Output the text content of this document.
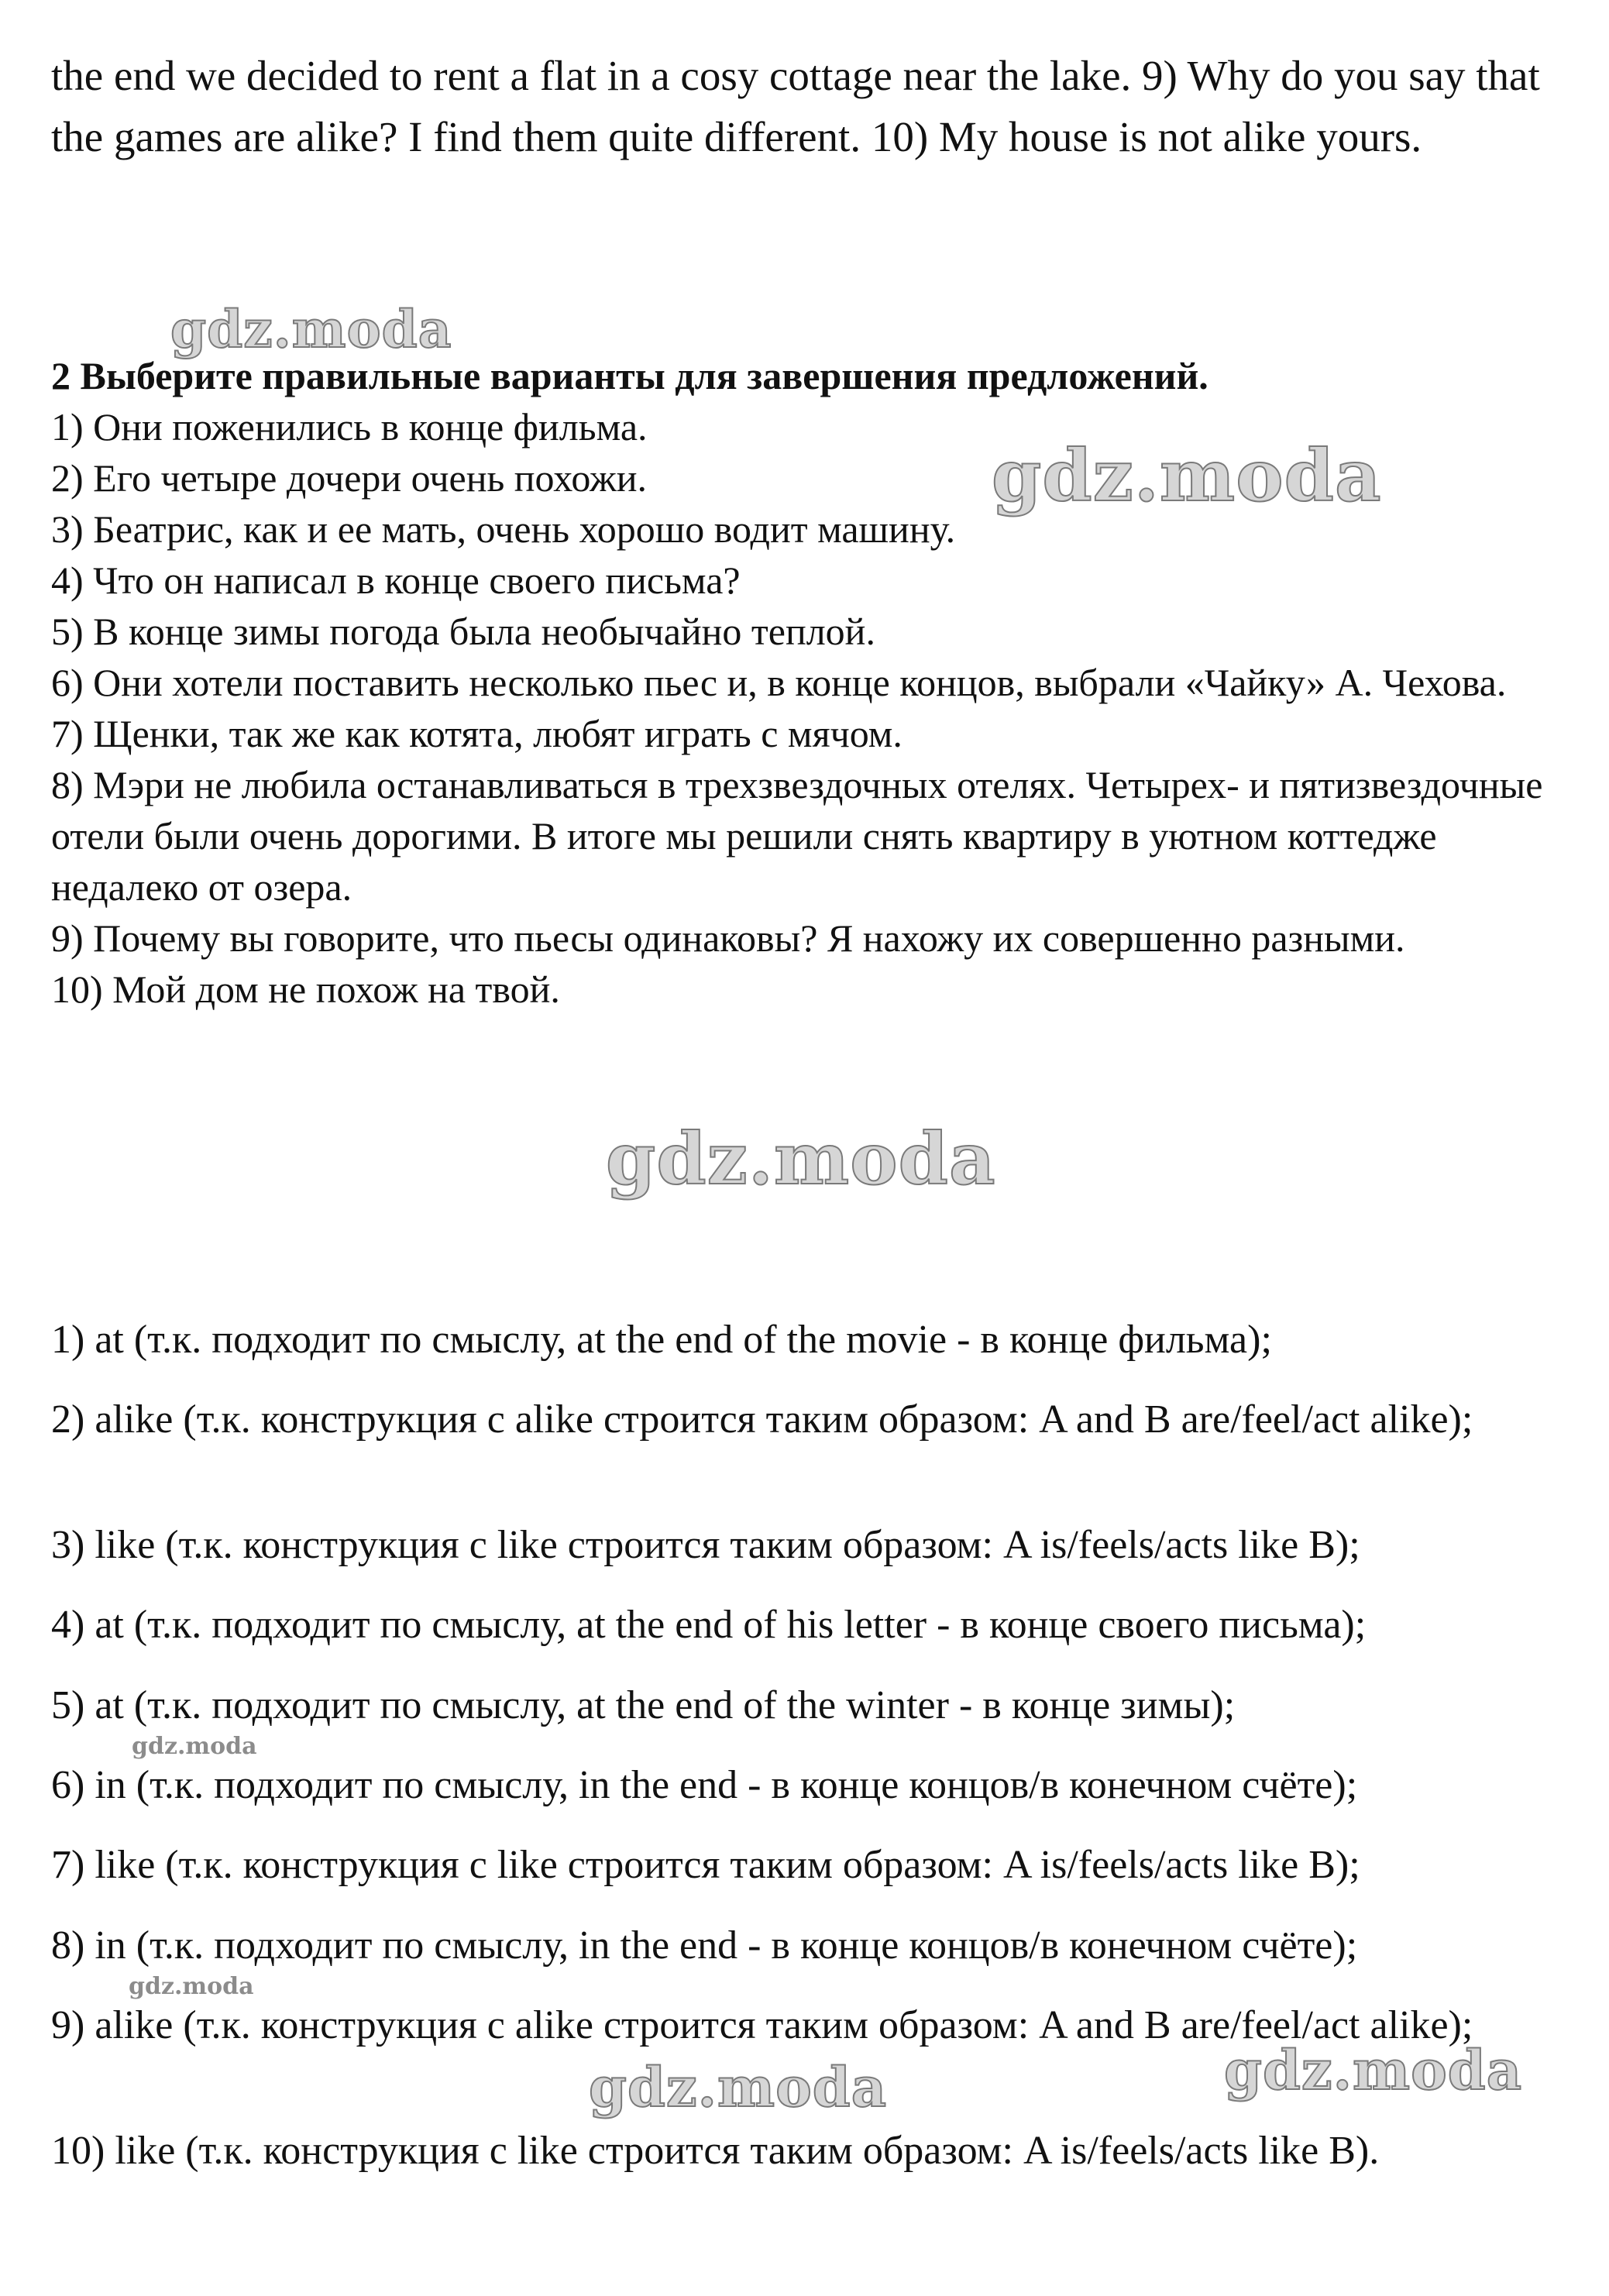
the end we decided to rent a flat in a cosy cottage near the lake. 9) Why do you say that the games are alike? I find them quite different. 10) My house is not alike yours.

2 Выберите правильные варианты для завершения предложений.

1) Они поженились в конце фильма.

2) Его четыре дочери очень похожи.

3) Беатрис, как и ее мать, очень хорошо водит машину.

4) Что он написал в конце своего письма?

5) В конце зимы погода была необычайно теплой.

6) Они хотели поставить несколько пьес и, в конце концов, выбрали «Чайку» А. Чехова.

7) Щенки, так же как котята, любят играть с мячом.

8) Мэри не любила останавливаться в трехзвездочных отелях. Четырех- и пятизвездочные отели были очень дорогими. В итоге мы решили снять квартиру в уютном коттедже недалеко от озера.

9) Почему вы говорите, что пьесы одинаковы? Я нахожу их совершенно разными.

10) Мой дом не похож на твой.

1) at (т.к. подходит по смыслу, at the end of the movie - в конце фильма);

2) alike (т.к. конструкция с alike строится таким образом: A and B are/feel/act alike);

3) like (т.к. конструкция с like строится таким образом: A is/feels/acts like B);

4) at (т.к. подходит по смыслу, at the end of his letter - в конце своего письма);

5) at (т.к. подходит по смыслу, at the end of the winter - в конце зимы);

6) in (т.к. подходит по смыслу, in the end - в конце концов/в конечном счёте);

7) like (т.к. конструкция с like строится таким образом: A is/feels/acts like B);

8) in (т.к. подходит по смыслу, in the end - в конце концов/в конечном счёте);

9) alike (т.к. конструкция с alike строится таким образом: A and B are/feel/act alike);

10) like (т.к. конструкция с like строится таким образом: A is/feels/acts like B).

gdz.moda
gdz.moda
gdz.moda
gdz.moda
gdz.moda
gdz.moda	gdz.moda
